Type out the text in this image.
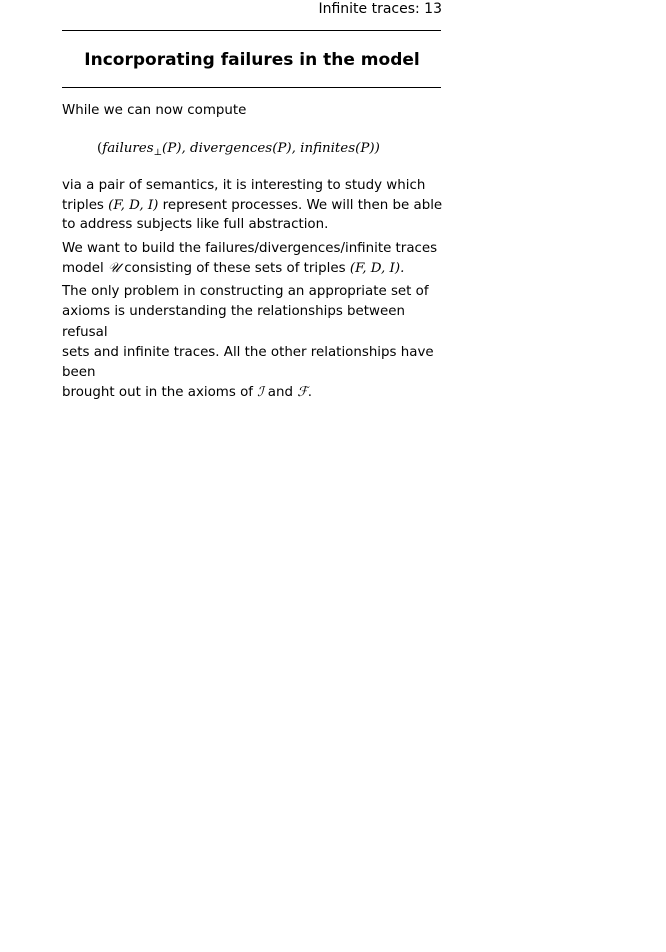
Infinite traces: 13
Incorporating failures in the model
While we can now compute
(failures$_\perp$(P), divergences(P), infinites(P))
via a pair of semantics, it is interesting to study which
triples (F, D, I) represent processes. We will then be able
to address subjects like full abstraction.
We want to build the failures/divergences/infinite traces
model 𝒰 consisting of these sets of triples (F, D, I).
The only problem in constructing an appropriate set of
axioms is understanding the relationships between refusal
sets and infinite traces. All the other relationships have been
brought out in the axioms of ℐ and ℱ.
